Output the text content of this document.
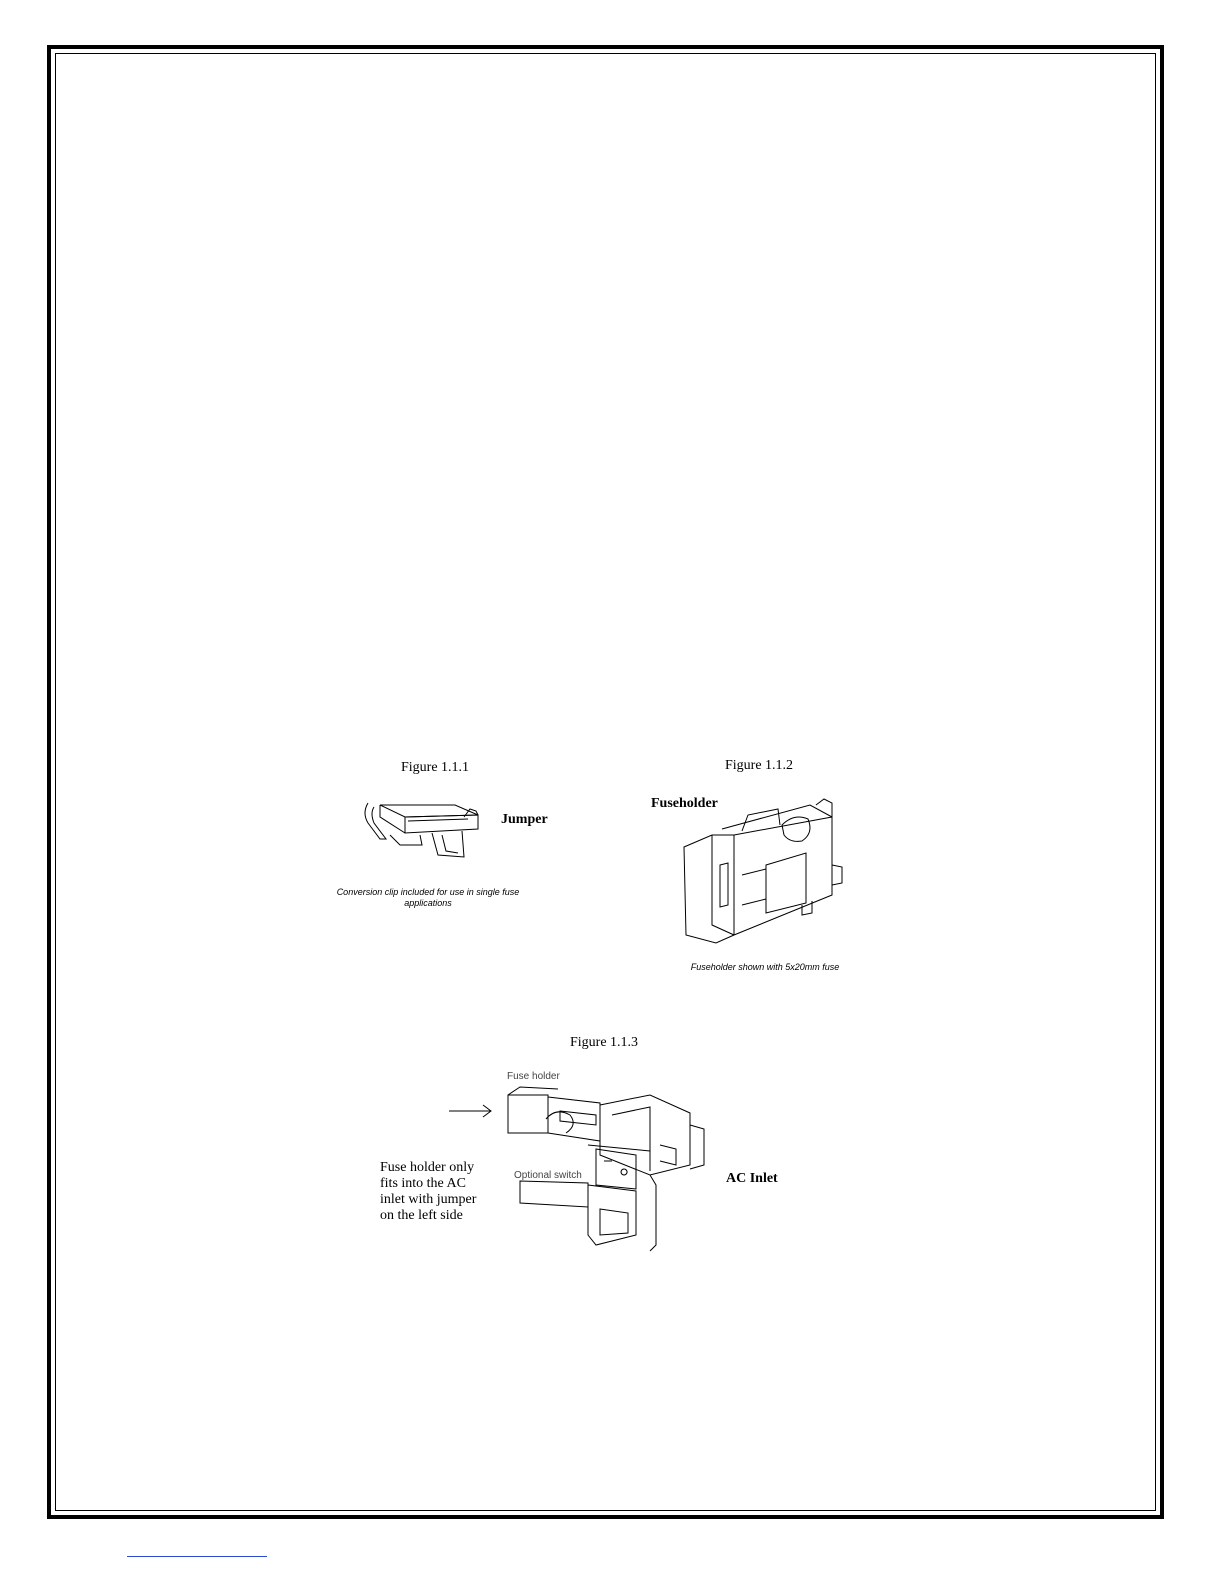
Figure 1.1.1
Jumper
Conversion clip included for use in single fuse applications
Figure 1.1.2
Fuseholder
Fuseholder shown with 5x20mm fuse
Figure 1.1.3
Fuse holder
Optional switch
Fuse holder only fits into the AC inlet with jumper on the left side
AC Inlet
